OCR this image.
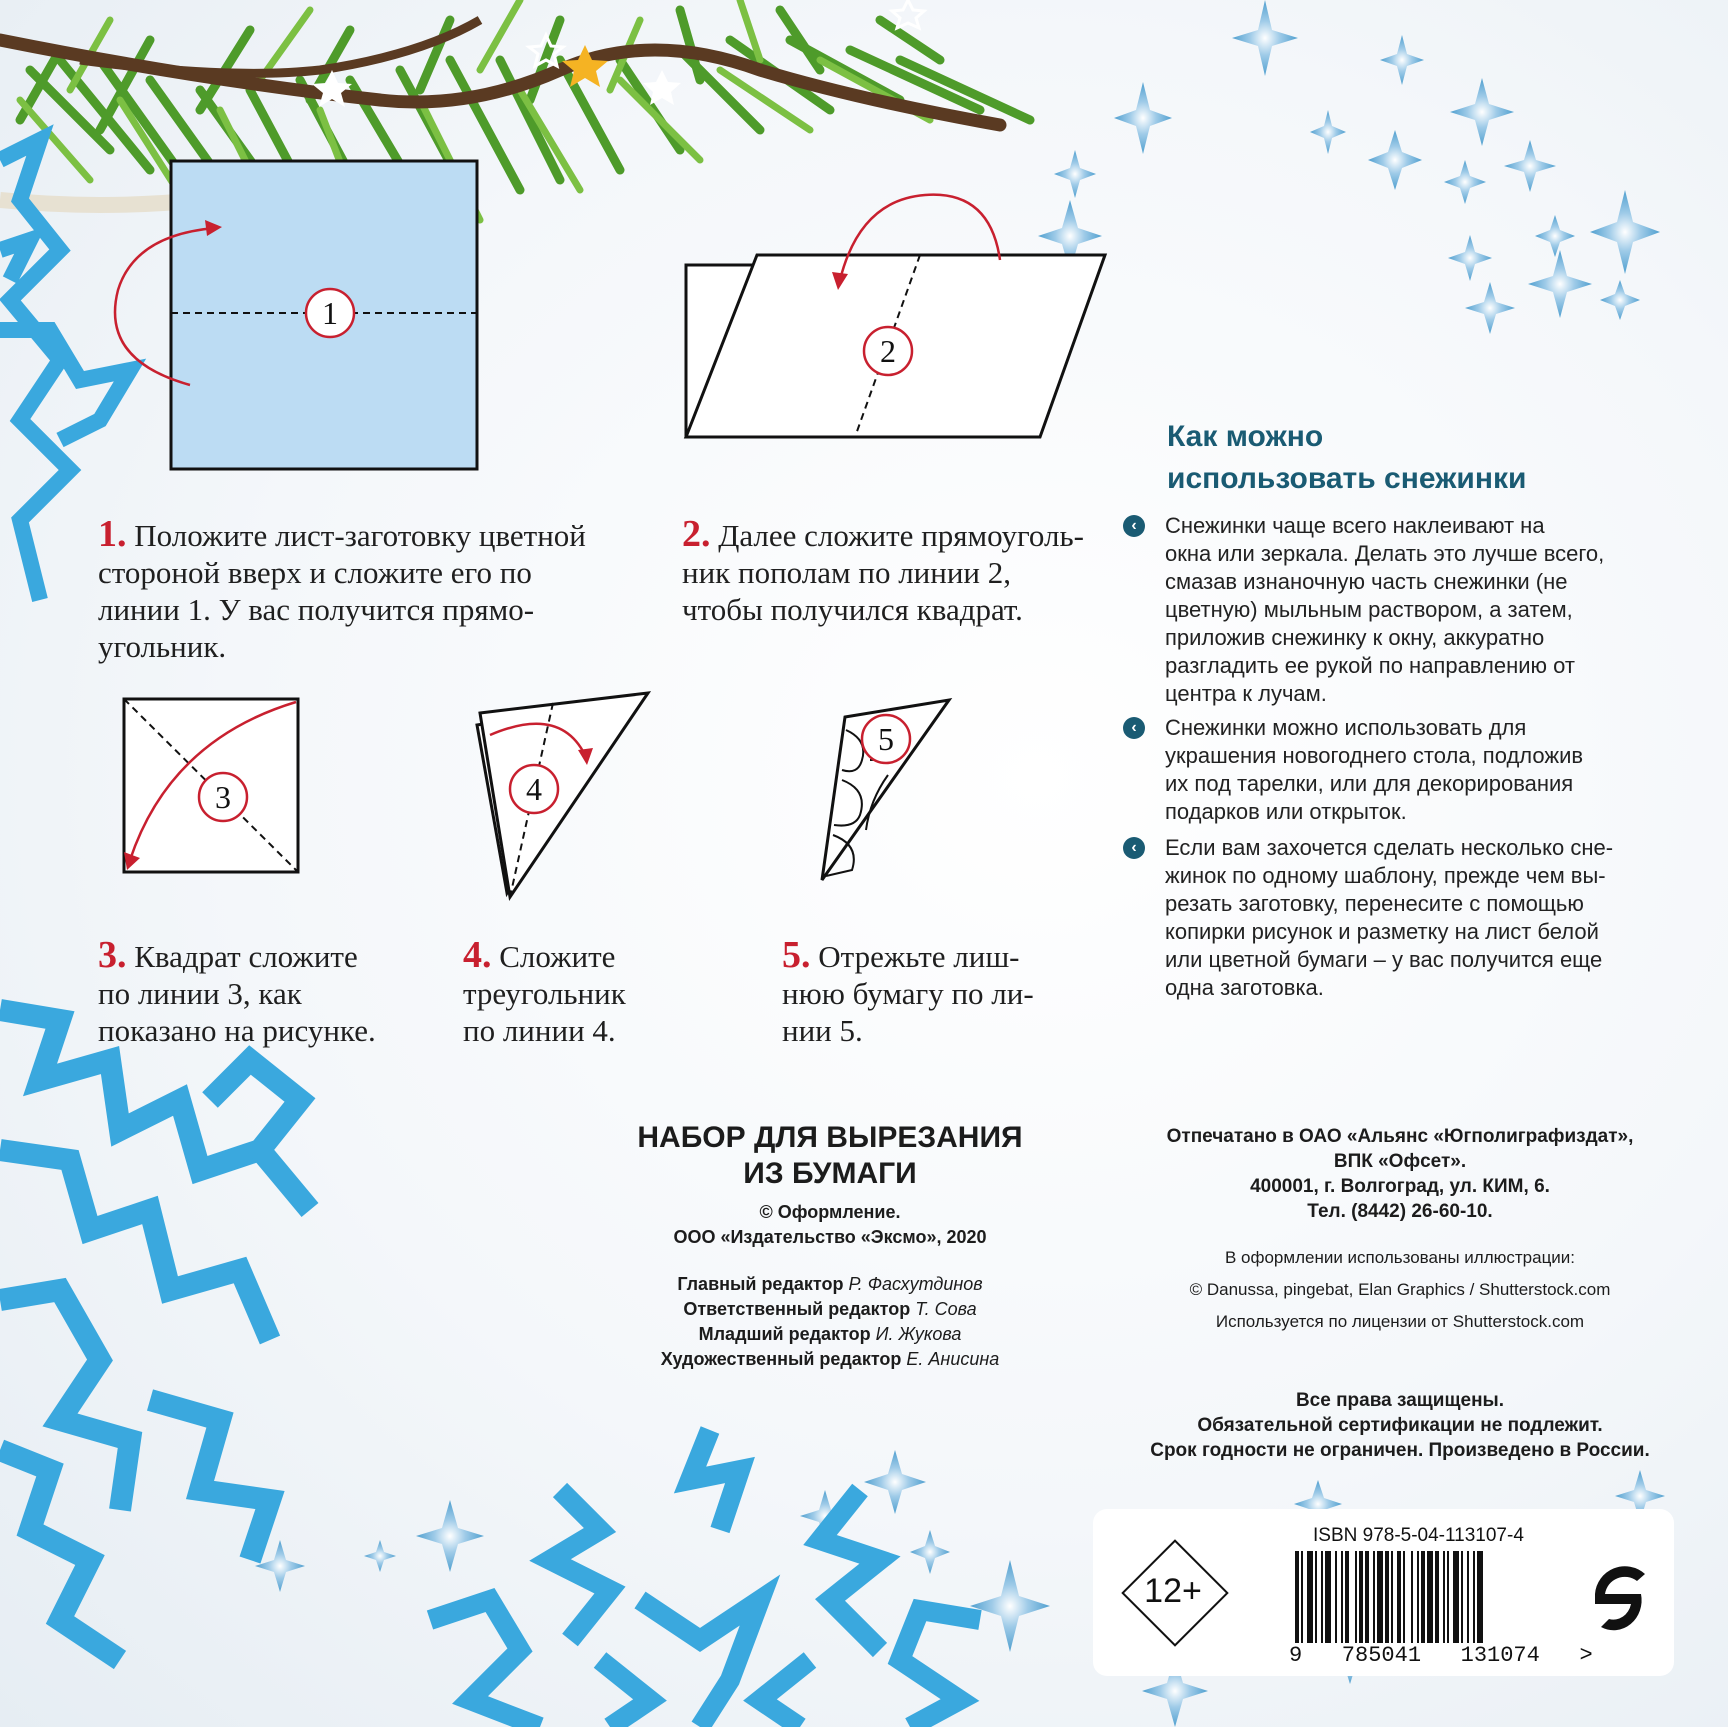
1
2
3	4
5
1. Положите лист-заготовку цветной
стороной вверх и сложите его по
линии 1. У вас получится прямо-
угольник.
2. Далее сложите прямоуголь-
ник пополам по линии 2,
чтобы получился квадрат.
3. Квадрат сложите
по линии 3, как
показано на рисунке.
4. Сложите
треугольник
по линии 4.
5. Отрежьте лиш-
нюю бумагу по ли-
нии 5.
Как можно
использовать снежинки
‹	Снежинки чаще всего наклеивают на
окна или зеркала. Делать это лучше всего,
смазав изнаночную часть снежинки (не
цветную) мыльным раствором, а затем,
приложив снежинку к окну, аккуратно
разгладить ее рукой по направлению от
центра к лучам.
‹	Снежинки можно использовать для
украшения новогоднего стола, подложив
их под тарелки, или для декорирования
подарков или открыток.
‹	Если вам захочется сделать несколько сне-
жинок по одному шаблону, прежде чем вы-
резать заготовку, перенесите с помощью
копирки рисунок и разметку на лист белой
или цветной бумаги – у вас получится еще
одна заготовка.
НАБОР ДЛЯ ВЫРЕЗАНИЯ
ИЗ БУМАГИ
© Оформление.
ООО «Издательство «Эксмо», 2020
Главный редактор Р. Фасхутдинов
Ответственный редактор Т. Сова
Младший редактор И. Жукова
Художественный редактор Е. Анисина
Отпечатано в ОАО «Альянс «Югполиграфиздат»,
ВПК «Офсет».
400001, г. Волгоград, ул. КИМ, 6.
Тел. (8442) 26-60-10.
В оформлении использованы иллюстрации:
© Danussa, pingebat, Elan Graphics / Shutterstock.com
Используется по лицензии от Shutterstock.com
Все права защищены.
Обязательной сертификации не подлежит.
Срок годности не ограничен. Произведено в России.
12+
ISBN 978-5-04-113107-4
9   785041   131074   >
